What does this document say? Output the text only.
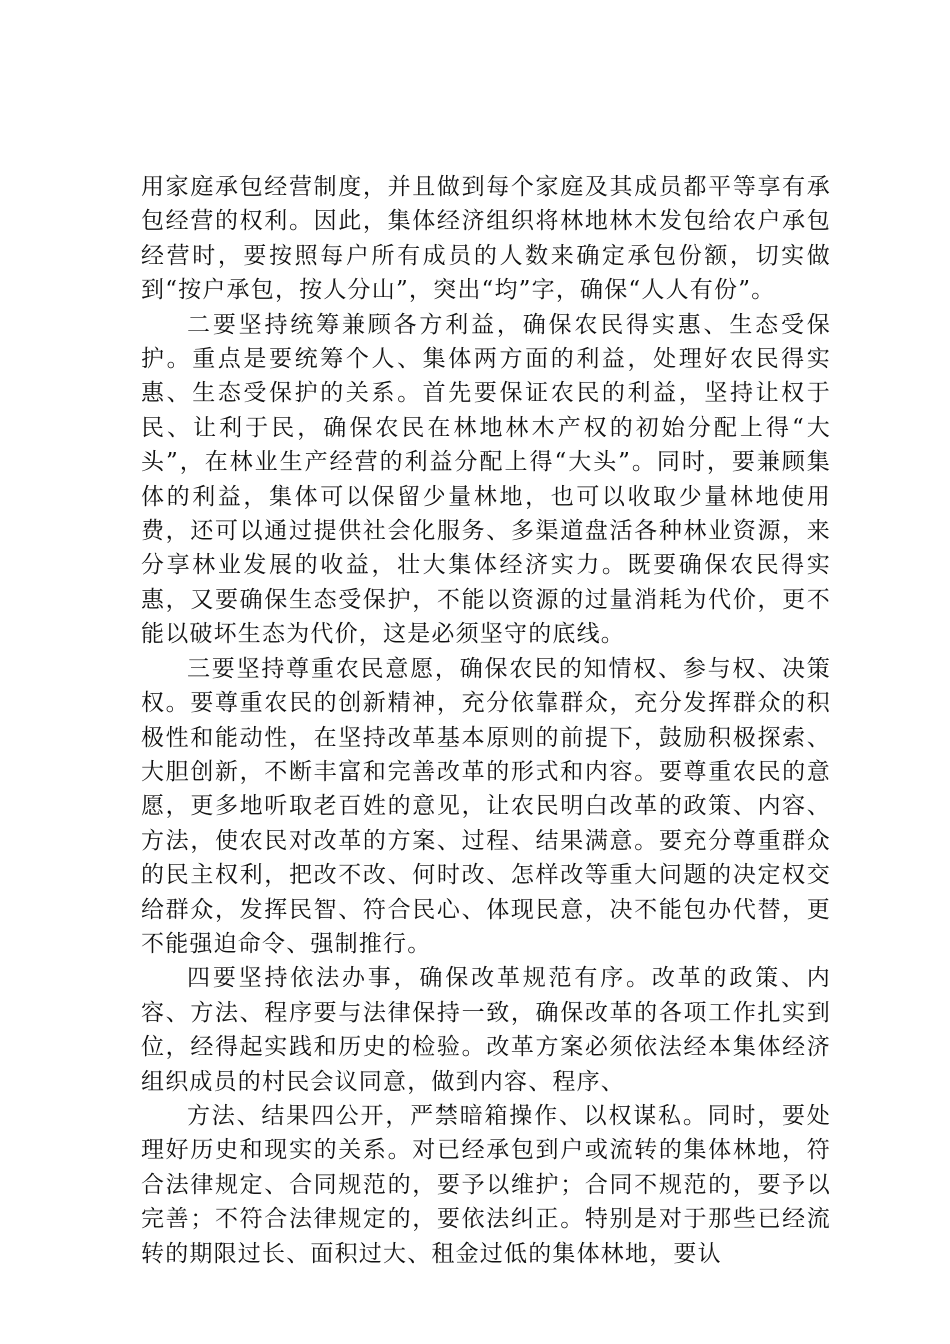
用家庭承包经营制度，并且做到每个家庭及其成员都平等享有承包经营的权利。因此，集体经济组织将林地林木发包给农户承包经营时，要按照每户所有成员的人数来确定承包份额，切实做到“按户承包，按人分山”，突出“均”字，确保“人人有份”。

二要坚持统筹兼顾各方利益，确保农民得实惠、生态受保护。重点是要统筹个人、集体两方面的利益，处理好农民得实惠、生态受保护的关系。首先要保证农民的利益，坚持让权于民、让利于民，确保农民在林地林木产权的初始分配上得“大头”，在林业生产经营的利益分配上得“大头”。同时，要兼顾集体的利益，集体可以保留少量林地，也可以收取少量林地使用费，还可以通过提供社会化服务、多渠道盘活各种林业资源，来分享林业发展的收益，壮大集体经济实力。既要确保农民得实惠，又要确保生态受保护，不能以资源的过量消耗为代价，更不能以破坏生态为代价，这是必须坚守的底线。

三要坚持尊重农民意愿，确保农民的知情权、参与权、决策权。要尊重农民的创新精神，充分依靠群众，充分发挥群众的积极性和能动性，在坚持改革基本原则的前提下，鼓励积极探索、大胆创新，不断丰富和完善改革的形式和内容。要尊重农民的意愿，更多地听取老百姓的意见，让农民明白改革的政策、内容、方法，使农民对改革的方案、过程、结果满意。要充分尊重群众的民主权利，把改不改、何时改、怎样改等重大问题的决定权交给群众，发挥民智、符合民心、体现民意，决不能包办代替，更不能强迫命令、强制推行。

四要坚持依法办事，确保改革规范有序。改革的政策、内容、方法、程序要与法律保持一致，确保改革的各项工作扎实到位，经得起实践和历史的检验。改革方案必须依法经本集体经济组织成员的村民会议同意，做到内容、程序、

方法、结果四公开，严禁暗箱操作、以权谋私。同时，要处理好历史和现实的关系。对已经承包到户或流转的集体林地，符合法律规定、合同规范的，要予以维护；合同不规范的，要予以完善；不符合法律规定的，要依法纠正。特别是对于那些已经流转的期限过长、面积过大、租金过低的集体林地，要认
